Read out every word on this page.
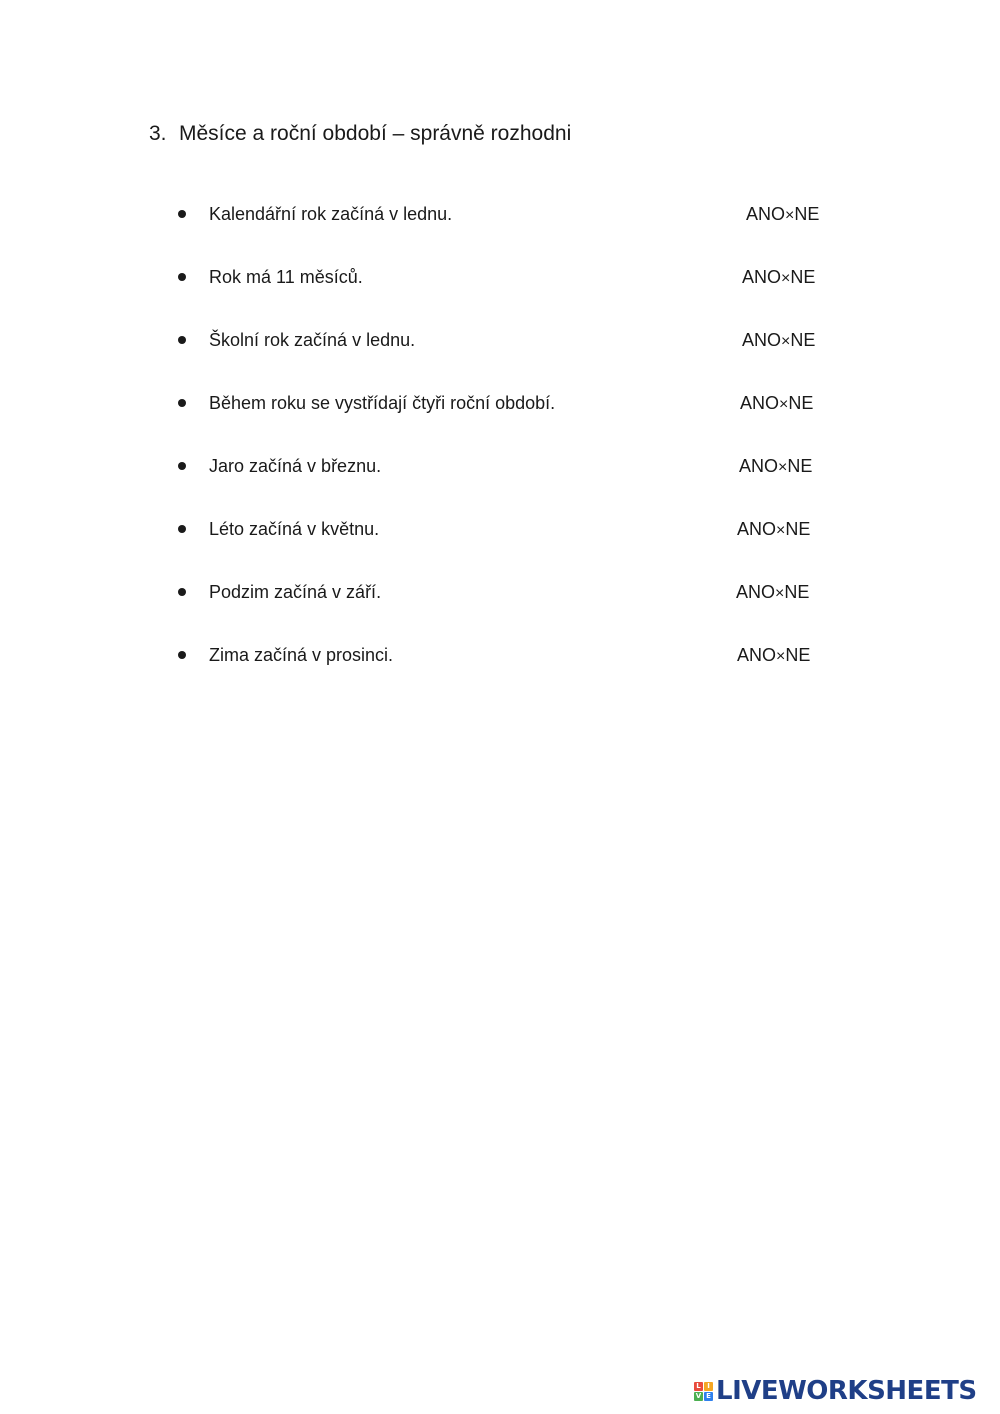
3. Měsíce a roční období – správně rozhodni
Kalendářní rok začíná v lednu.	ANO×NE
Rok má 11 měsíců.	ANO×NE
Školní rok začíná v lednu.	ANO×NE
Během roku se vystřídají čtyři roční období.	ANO×NE
Jaro začíná v březnu.	ANO×NE
Léto začíná v květnu.	ANO×NE
Podzim začíná v září.	ANO×NE
Zima začíná v prosinci.	ANO×NE
L I
V E LIVEWORKSHEETS
